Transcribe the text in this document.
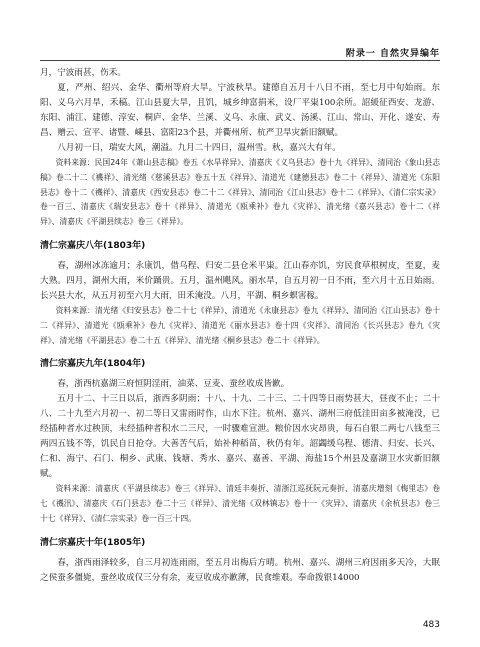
附录一 自然灾异编年

月，宁波雨甚，伤禾。

夏，严州、绍兴、金华、衢州等府大旱。宁波秋旱。建德自五月十八日不雨，至七月中旬始雨。东阳、义乌六月旱，禾稿。江山县夏大旱，且饥，城乡绅富捐米，设厂平粜100余所。詔緩征西安、龙游、东阳、浦江、建德、淳安、桐庐、金华、兰溪、义乌、永康、武义、汤溪、江山、常山、开化、遂安、寿昌、赠云、宣平、诸暨、嵊县、富阳23个县，并衢州所、杭严卫旱灾新旧额赋。

八月初一日，瑞安大风，潮溢。九月二十四日，温州雪。秋，嘉兴大有年。

资料来源：民国24年《萧山县志稿》卷五《水旱祥异》、清嘉庆《义乌县志》卷十九《祥异》、清同治《象山县志稿》卷二十二《禨祥》、清光绪《慈溪县志》卷五十五《祥异》、清道光《建德县志》卷二十《祥异》、清道光《东阳县志》卷十二《禨祥》、清嘉庆《西安县志》卷二十二《祥异》、清同治《江山县志》卷十二《祥异》、《清仁宗实录》卷一百三、清嘉庆《瑞安县志》卷十《祥异》、清道光《瓯乘补》卷九《灾祥》、清光绪《嘉兴县志》卷十二《祥异》、清嘉庆《平湖县续志》卷三《祥异》。

清仁宗嘉庆八年(1803年)

春，湖州冰冻逾月；永康饥，借乌程、归安二县仓米平粜。江山春亦饥，穷民食草根树皮，至夏，麦大熟。四月，湖州大雨，米价踊贵。五月，温州飓风。丽水旱，自五月初一日不雨，至六月十五日始雨。长兴县大水，从五月初至六月大雨，田禾淹没。八月，平湖、桐乡螟害稼。

资料来源：清光绪《归安县志》卷二十七《祥异》、清道光《永康县志》卷九《祥异》、清同治《江山县志》卷十二《祥异》、清道光《瓯乘补》卷九《灾祥》、清道光《丽水县志》卷十四《灾祥》、清同治《长兴县志》卷九《灾祥》、清光绪《平湖县志》卷二十五《祥异》、清光绪《桐乡县志》卷二十《祥异》。

清仁宗嘉庆九年(1804年)

春，浙西杭嘉湖三府恒阴淫雨，油菜、豆麦、蚕丝收成皆歉。

五月十二、十三日以后，浙西多阴雨；十八、十九、二十三、二十四等日雨势甚大，昼夜不止；二十八、二十九至六月初一、初二等日又雷雨时作，山水下注。杭州、嘉兴、湖州三府低洼田亩多被淹没，已经插种者水过秧顶，未经插种者积水二三尺，一时骤难宣泄。粮价因水灾昂贵，每石自银二两七八钱至三两四五钱不等，饥民自日抢夺。大善苦气后，始补种稻苗，秋仍有年。詔蠲缓乌程、德清、归安、长兴、仁和、海宁、石门、桐乡、武康、钱塘、秀水、嘉兴、嘉善、平湖、海盐15个州县及嘉湖卫水灾新旧额赋。

资料来源：清嘉庆《平湖县续志》卷三《祥异》、清廷丰奏折、清浙江巡抚阮元奏折、清嘉庆增刻《梅里志》卷七《禨汛》、清嘉庆《石门县志》卷二十三《祥异》、清光绪《双林镇志》卷十一《灾异》、清嘉庆《余杭县志》卷三十七《祥异》、《清仁宗实录》卷一百三十四。

清仁宗嘉庆十年(1805年)

春，浙西雨泽较多，自三月初连雨雨，至五月出梅后方晴。杭州、嘉兴、湖州三府因雨多天冷，大眠之侯蚕多僵毙，蚕丝收成仅三分有余，麦豆收成亦歉薄，民食维艰。奉命拨银14000

483
